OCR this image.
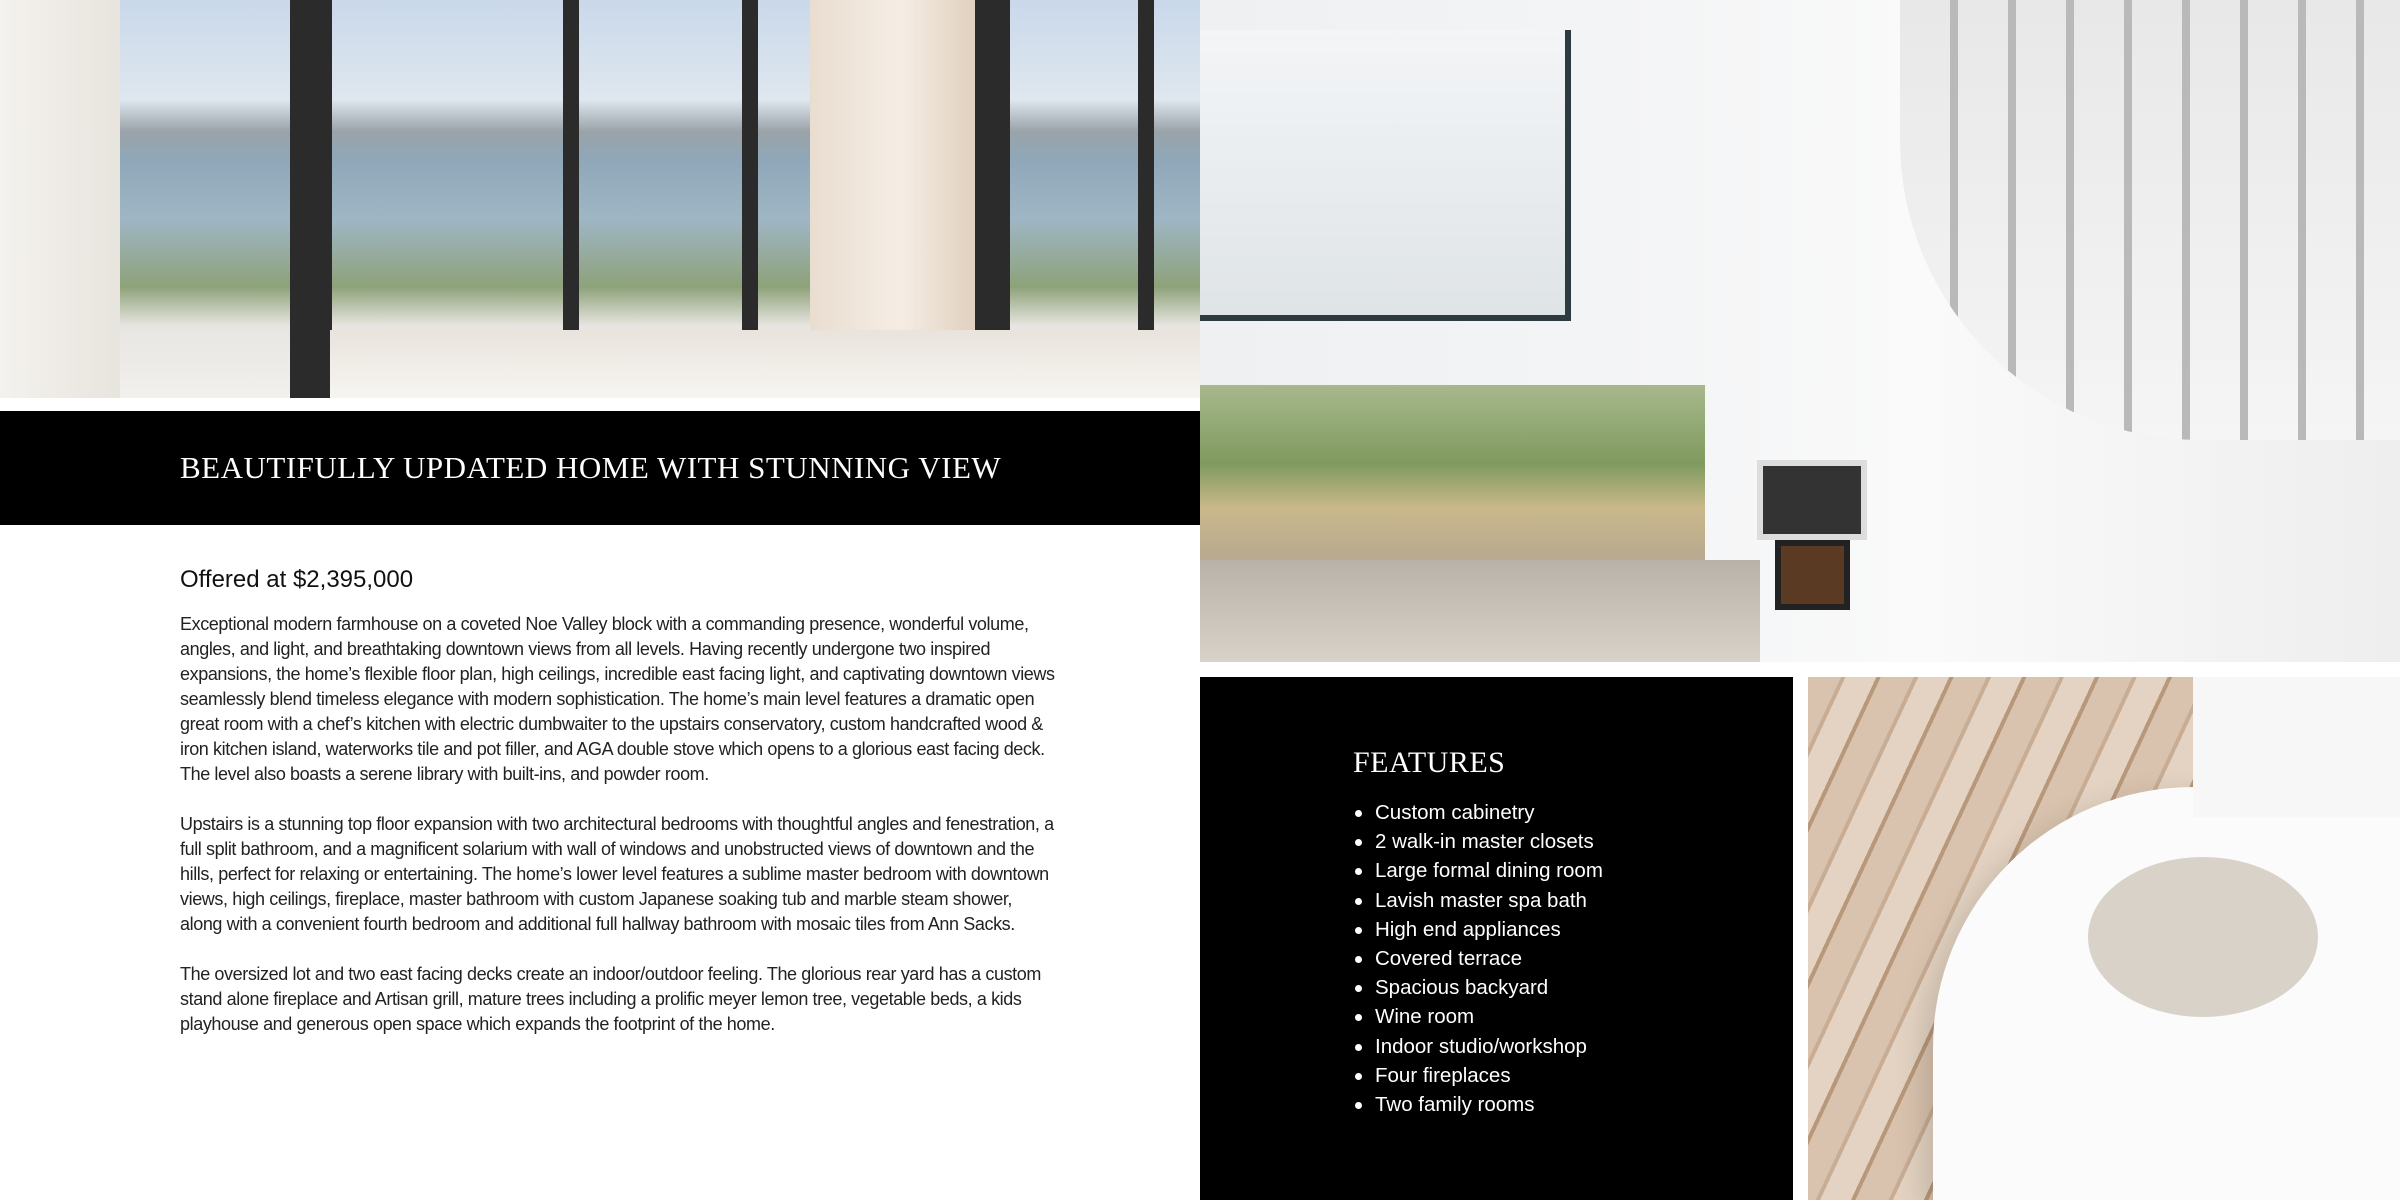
BEAUTIFULLY UPDATED HOME WITH STUNNING VIEW
Offered at $2,395,000

Exceptional modern farmhouse on a coveted Noe Valley block with a commanding presence, wonderful volume, angles, and light, and breathtaking downtown views from all levels. Having recently undergone two inspired expansions, the home’s flexible floor plan, high ceilings, incredible east facing light, and captivating downtown views seamlessly blend timeless elegance with modern sophistication. The home’s main level features a dramatic open great room with a chef’s kitchen with electric dumbwaiter to the upstairs conservatory, custom handcrafted wood & iron kitchen island, waterworks tile and pot filler, and AGA double stove which opens to a glorious east facing deck. The level also boasts a serene library with built-ins, and powder room.

Upstairs is a stunning top floor expansion with two architectural bedrooms with thoughtful angles and fenestration, a full split bathroom, and a magnificent solarium with wall of windows and unobstructed views of downtown and the hills, perfect for relaxing or entertaining. The home’s lower level features a sublime master bedroom with downtown views, high ceilings, fireplace, master bathroom with custom Japanese soaking tub and marble steam shower, along with a convenient fourth bedroom and additional full hallway bathroom with mosaic tiles from Ann Sacks.

The oversized lot and two east facing decks create an indoor/outdoor feeling. The glorious rear yard has a custom stand alone fireplace and Artisan grill, mature trees including a prolific meyer lemon tree, vegetable beds, a kids playhouse and generous open space which expands the footprint of the home.

FEATURES
Custom cabinetry
2 walk-in master closets
Large formal dining room
Lavish master spa bath
High end appliances
Covered terrace
Spacious backyard
Wine room
Indoor studio/workshop
Four fireplaces
Two family rooms
